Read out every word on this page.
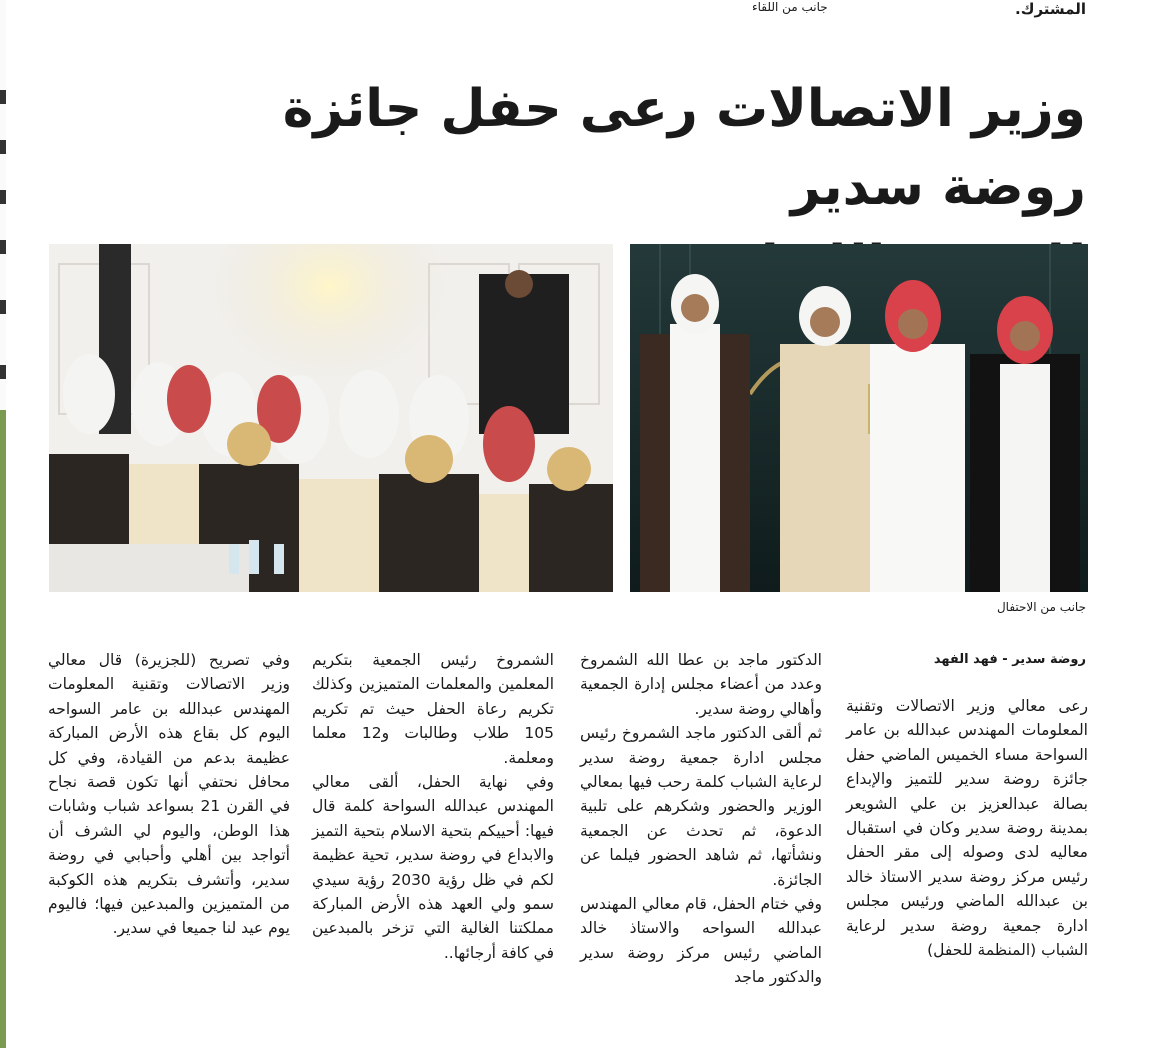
المشترك.
جانب من اللقاء
وزير الاتصالات رعى حفل جائزة روضة سدير
جانب من الاحتفال
روضة سدير - فهد الفهد
رعى معالي وزير الاتصالات وتقنية المعلومات المهندس عبدالله بن عامر السواحة مساء الخميس الماضي حفل جائزة روضة سدير للتميز والإبداع بصالة عبدالعزيز بن علي الشويعر بمدينة روضة سدير وكان في استقبال معاليه لدى وصوله إلى مقر الحفل رئيس مركز روضة سدير الاستاذ خالد بن عبدالله الماضي ورئيس مجلس ادارة جمعية روضة سدير لرعاية الشباب (المنظمة للحفل)
الدكتور ماجد بن عطا الله الشمروخ وعدد من أعضاء مجلس إدارة الجمعية وأهالي روضة سدير.
ثم ألقى الدكتور ماجد الشمروخ رئيس مجلس ادارة جمعية روضة سدير لرعاية الشباب كلمة رحب فيها بمعالي الوزير والحضور وشكرهم على تلبية الدعوة، ثم تحدث عن الجمعية ونشأتها، ثم شاهد الحضور فيلما عن الجائزة.
وفي ختام الحفل، قام معالي المهندس عبدالله السواحه والاستاذ خالد الماضي رئيس مركز روضة سدير والدكتور ماجد
الشمروخ رئيس الجمعية بتكريم المعلمين والمعلمات المتميزين وكذلك تكريم رعاة الحفل حيث تم تكريم 105 طلاب وطالبات و12 معلما ومعلمة.
وفي نهاية الحفل، ألقى معالي المهندس عبدالله السواحة كلمة قال فيها: أحييكم بتحية الاسلام بتحية التميز والابداع في روضة سدير، تحية عظيمة لكم في ظل رؤية 2030 رؤية سيدي سمو ولي العهد هذه الأرض المباركة مملكتنا الغالية التي تزخر بالمبدعين في كافة أرجائها..
وفي تصريح (للجزيرة) قال معالي وزير الاتصالات وتقنية المعلومات المهندس عبدالله بن عامر السواحه اليوم كل بقاع هذه الأرض المباركة عظيمة بدعم من القيادة، وفي كل محافل نحتفي أنها تكون قصة نجاح في القرن 21 بسواعد شباب وشابات هذا الوطن، واليوم لي الشرف أن أتواجد بين أهلي وأحبابي في روضة سدير، وأتشرف بتكريم هذه الكوكبة من المتميزين والمبدعين فيها؛ فاليوم يوم عيد لنا جميعا في سدير.
